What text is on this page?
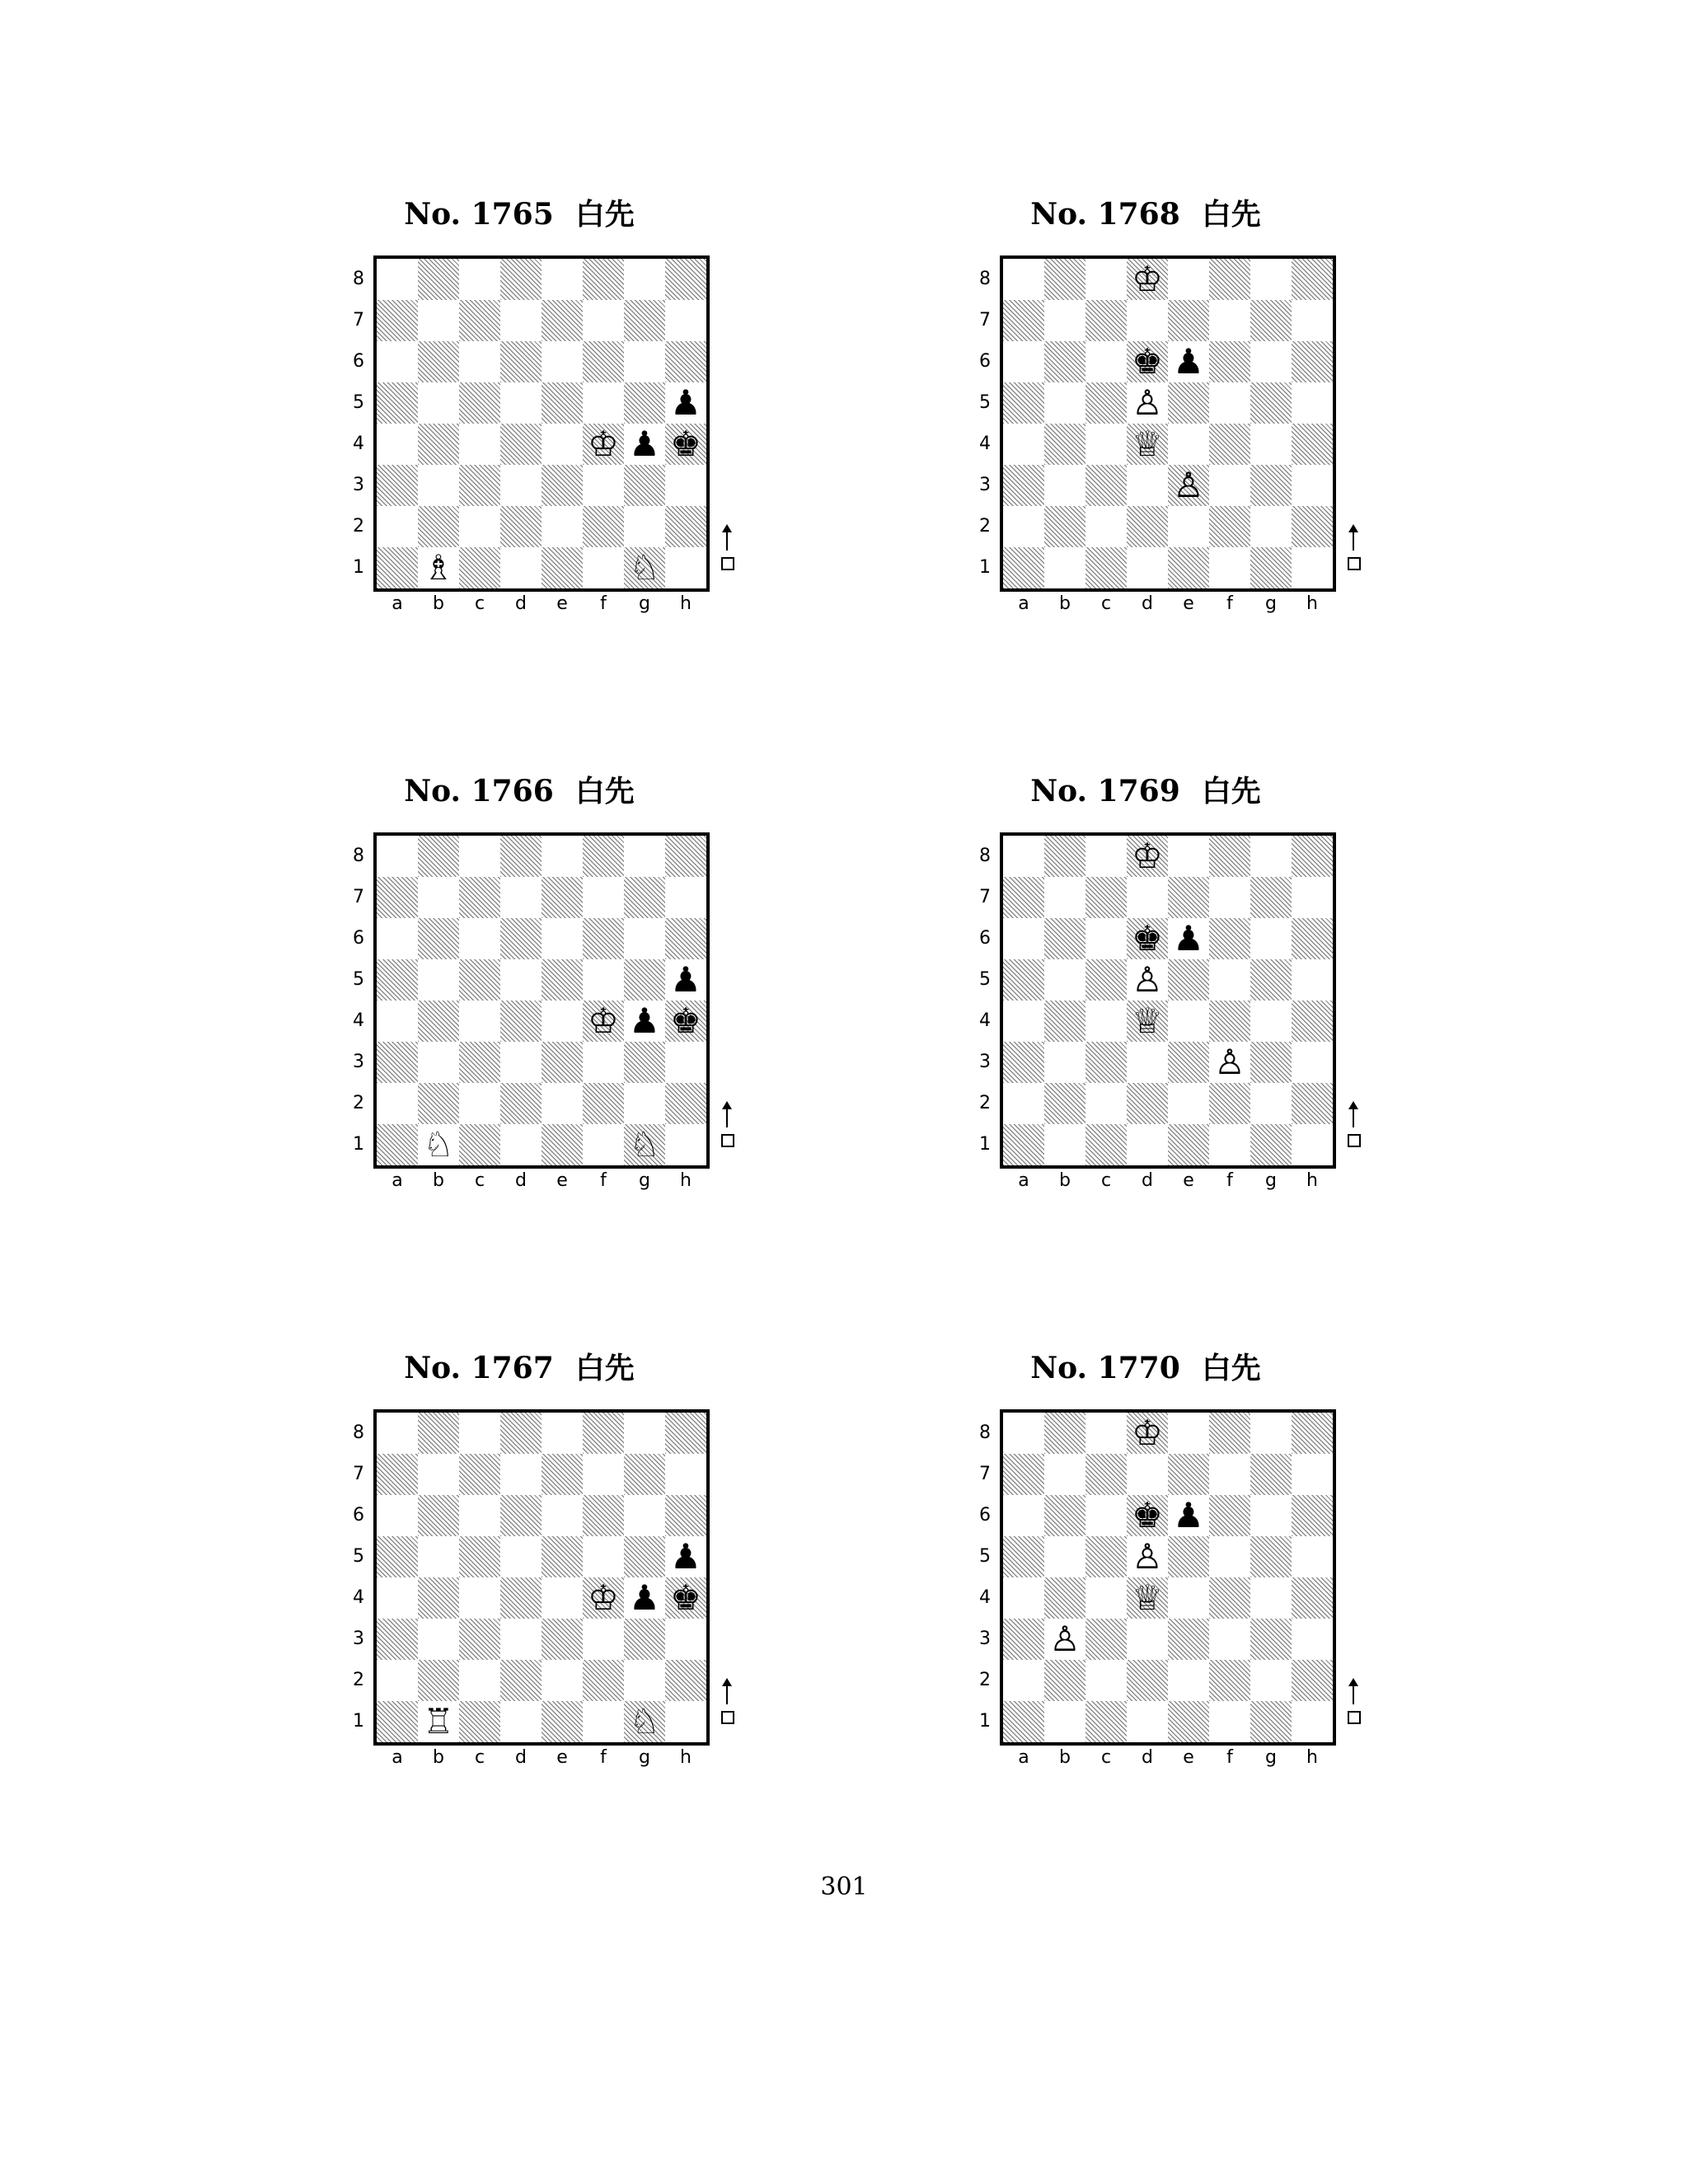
No. 1765 白先
8
7
6
5
4
3
2
1
♟
♔ ♟ ♚
♗	♘
a	b	c	d	e	f	g	h
No. 1766 白先
8
7
6
5
4
3
2
1
♟
♔ ♟ ♚
♘	♘
a	b	c	d	e	f	g	h
No. 1767 白先
8
7
6
5
4
3
2
1
♟
♔ ♟ ♚
♖	♘
a	b	c	d	e	f	g	h
No. 1768 白先
8
7
6
5
4
3
2
1
♔
♚ ♟
♙
♕
♙
a	b	c	d	e	f	g	h
No. 1769 白先
8
7
6
5
4
3
2
1
♔
♚ ♟
♙
♕
♙
a	b	c	d	e	f	g	h
No. 1770 白先
8
7
6
5
4
3
2
1
♔
♚ ♟
♙
♕
♙
a	b	c	d	e	f	g	h
301
